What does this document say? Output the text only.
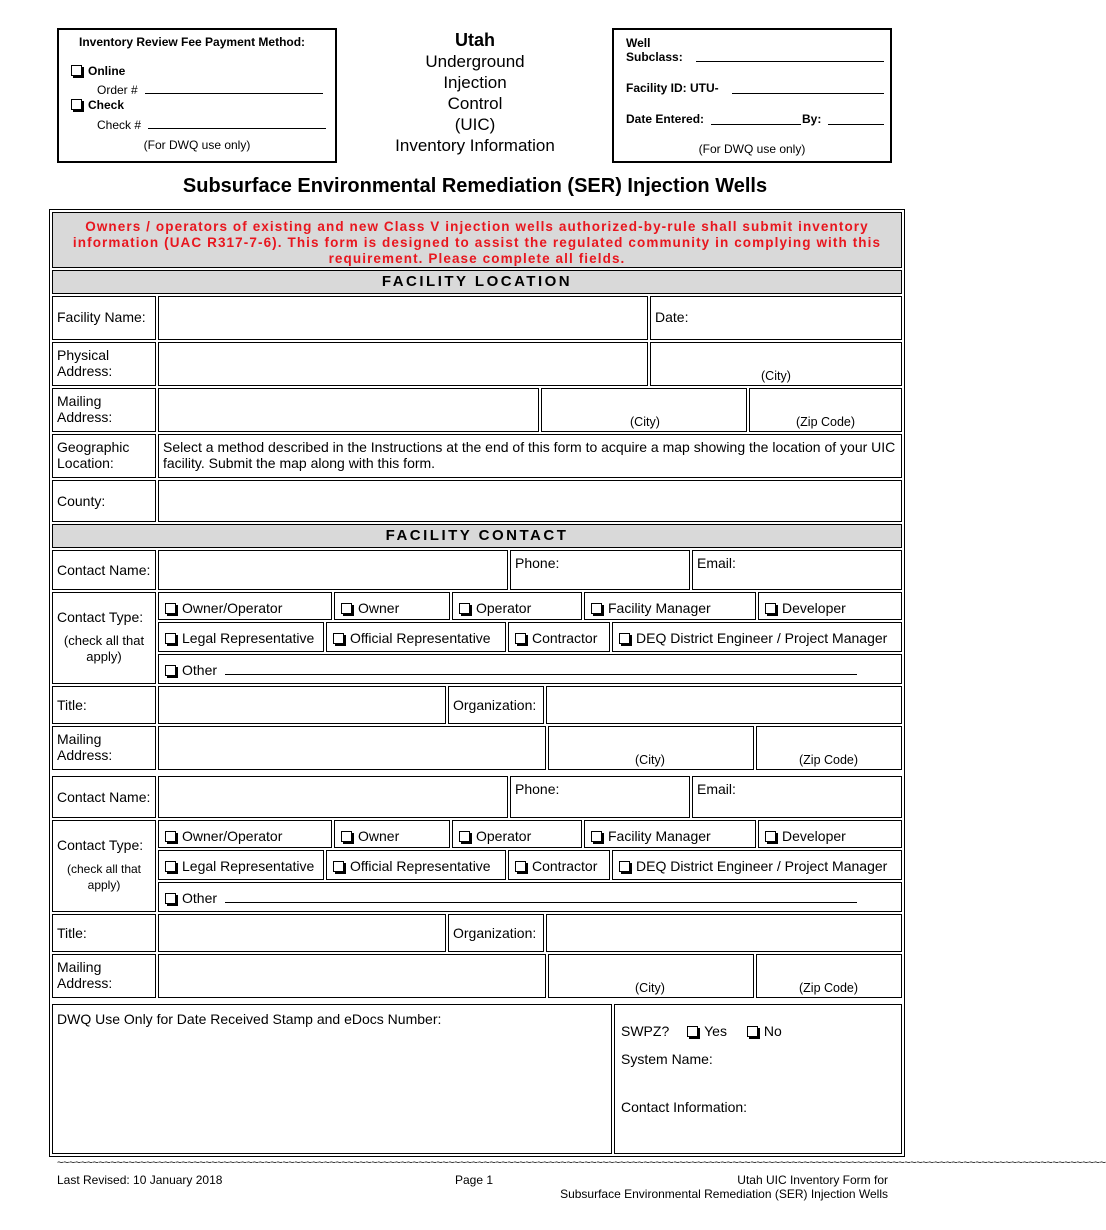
Inventory Review Fee Payment Method:
Online
Order #
Check
Check #
(For DWQ use only)
Utah
Underground
Injection
Control
(UIC)
Inventory Information
Well
Subclass:
Facility ID: UTU-
Date Entered:	By:
(For DWQ use only)
Subsurface Environmental Remediation (SER) Injection Wells
Owners / operators of existing and new Class V injection wells authorized-by-rule shall submit inventory information (UAC R317-7-6). This form is designed to assist the regulated community in complying with this requirement. Please complete all fields.
FACILITY LOCATION
Facility Name:	Date:
Physical Address:	(City)
Mailing Address:	(City)	(Zip Code)
Geographic Location:
Select a method described in the Instructions at the end of this form to acquire a map showing the location of your UIC facility. Submit the map along with this form.
County:
FACILITY CONTACT
Contact Name:	Phone:	Email:
Contact Type:
(check all that apply)
Owner/Operator	Owner	Operator	Facility Manager	Developer
Legal Representative	Official Representative	Contractor	DEQ District Engineer / Project Manager
Other
Title:	Organization:
Mailing Address:	(City)	(Zip Code)
Contact Name:	Phone:	Email:
Contact Type:
(check all that apply)
Owner/Operator	Owner	Operator	Facility Manager	Developer
Legal Representative	Official Representative	Contractor	DEQ District Engineer / Project Manager
Other
Title:	Organization:
Mailing Address:	(City)	(Zip Code)
DWQ Use Only for Date Received Stamp and eDocs Number:
SWPZ? Yes	No
System Name:
Contact Information:
~~~~~~~~~~~~~~~~~~~~~~~~~~~~~~~~~~~~~~~~~~~~~~~~~~~~~~~~~~~~~~~~~~~~~~~~~~~~~~~~~~~~~~~~~~~~~~~~~~~~~~~~~~~~~~~~~~~~~~~~~~~~~~~~~~~~~~~~~~~~~~~~~~~~~~~~~~~~~~~~~~~~~~~~~~~~~~~~~
Last Revised: 10 January 2018	Page 1	Utah UIC Inventory Form for
Subsurface Environmental Remediation (SER) Injection Wells
